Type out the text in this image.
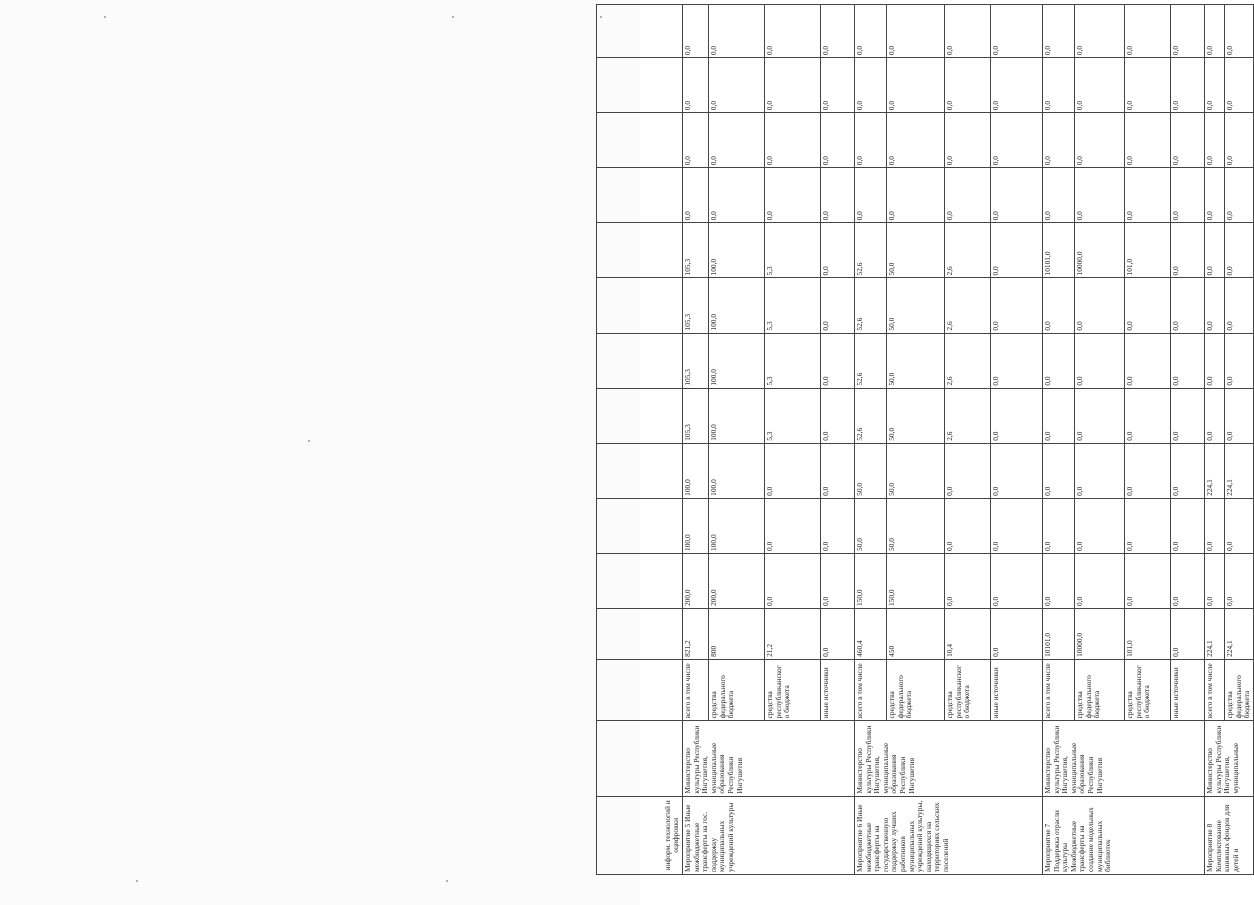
информ. технологий и оцифровки														
Мероприятие 5 Иные межбюджетные трансферты на гос. поддержку муниципальных учреждений культуры	Министерство культуры Республики Ингушетия, муниципальные образования Республики Ингушетия	всего в том числе	821,2	200,0	100,0	100,0	105,3	105,3	105,3	105,3	0,0	0,0	0,0	0,0
		средства федерального бюджета	800	200,0	100,0	100,0	100,0	100,0	100,0	100,0	0,0	0,0	0,0	0,0
		средства республиканского бюджета	21,2	0,0	0,0	0,0	5,3	5,3	5,3	5,3	0,0	0,0	0,0	0,0
		иные источники	0,0	0,0	0,0	0,0	0,0	0,0	0,0	0,0	0,0	0,0	0,0	0,0
Мероприятие 6 Иные межбюджетные трансферты на государственную поддержку лучших работников муниципальных учреждений культуры, находящихся на территориях сельских поселений	Министерство культуры Республики Ингушетия, муниципальные образования Республики Ингушетия	всего в том числе	460,4	150,0	50,0	50,0	52,6	52,6	52,6	52,6	0,0	0,0	0,0	0,0
		средства федерального бюджета	450	150,0	50,0	50,0	50,0	50,0	50,0	50,0	0,0	0,0	0,0	0,0
		средства республиканского бюджета	10,4	0,0	0,0	0,0	2,6	2,6	2,6	2,6	0,0	0,0	0,0	0,0
		иные источники	0,0	0,0	0,0	0,0	0,0	0,0	0,0	0,0	0,0	0,0	0,0	0,0
Мероприятие 7 Поддержка отрасли культуры Межбюджетные трансферты на создание модельных муниципальных библиотек	Министерство культуры Республики Ингушетия, муниципальные образования Республики Ингушетия	всего в том числе	10101,0	0,0	0,0	0,0	0,0	0,0	0,0	10101,0	0,0	0,0	0,0	0,0
		средства федерального бюджета	10000,0	0,0	0,0	0,0	0,0	0,0	0,0	10000,0	0,0	0,0	0,0	0,0
		средства республиканского бюджета	101,0	0,0	0,0	0,0	0,0	0,0	0,0	101,0	0,0	0,0	0,0	0,0
		иные источники	0,0	0,0	0,0	0,0	0,0	0,0	0,0	0,0	0,0	0,0	0,0	0,0
Мероприятие 8 Комплектование книжных фондов для детей и	Министерство культуры Республики Ингушетия, муниципальные	всего в том числе	224,1	0,0	0,0	224,1	0,0	0,0	0,0	0,0	0,0	0,0	0,0	0,0
		средства федерального бюджета	224,1	0,0	0,0	224,1	0,0	0,0	0,0	0,0	0,0	0,0	0,0	0,0
